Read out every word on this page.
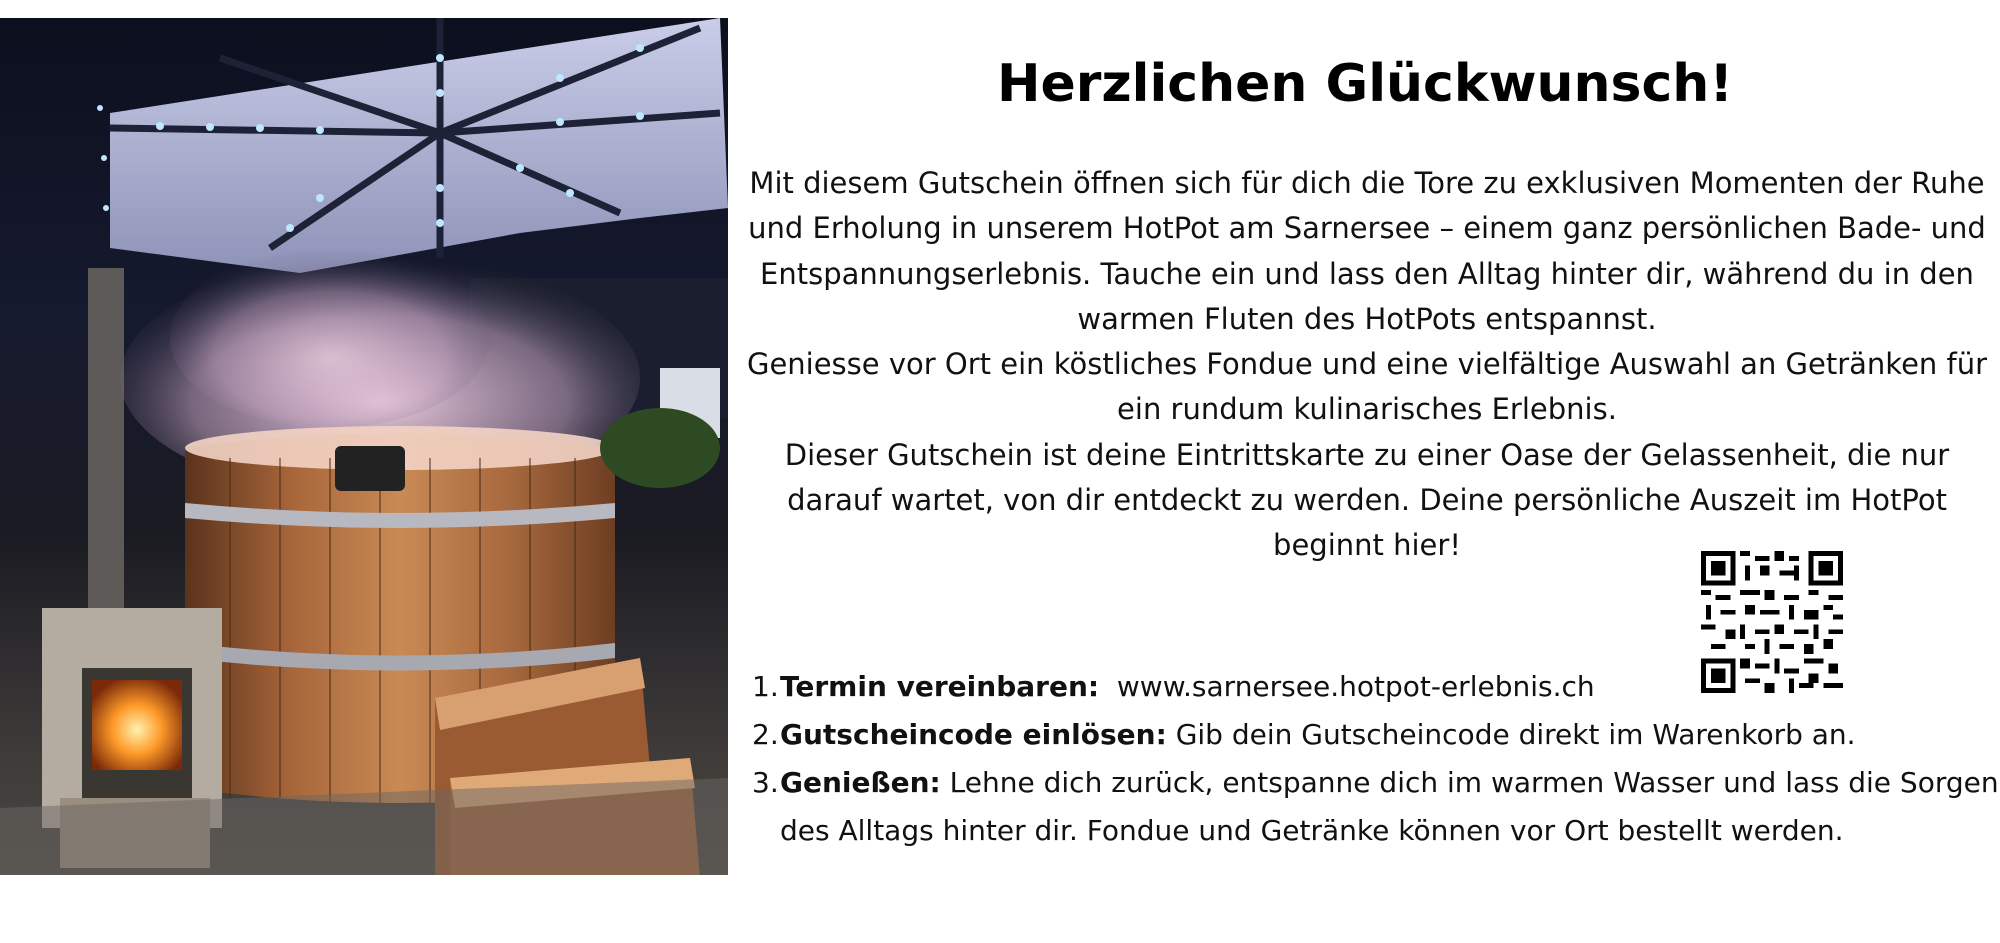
Herzlichen Glückwunsch!

Mit diesem Gutschein öffnen sich für dich die Tore zu exklusiven Momenten der Ruhe und Erholung in unserem HotPot am Sarnersee – einem ganz persönlichen Bade- und Entspannungserlebnis. Tauche ein und lass den Alltag hinter dir, während du in den warmen Fluten des HotPots entspannst.

Geniesse vor Ort ein köstliches Fondue und eine vielfältige Auswahl an Getränken für ein rundum kulinarisches Erlebnis.

Dieser Gutschein ist deine Eintrittskarte zu einer Oase der Gelassenheit, die nur darauf wartet, von dir entdeckt zu werden. Deine persönliche Auszeit im HotPot beginnt hier!

1. Termin vereinbaren: www.sarnersee.hotpot-erlebnis.ch
2. Gutscheincode einlösen: Gib dein Gutscheincode direkt im Warenkorb an.
3. Genießen: Lehne dich zurück, entspanne dich im warmen Wasser und lass die Sorgen des Alltags hinter dir. Fondue und Getränke können vor Ort bestellt werden.
